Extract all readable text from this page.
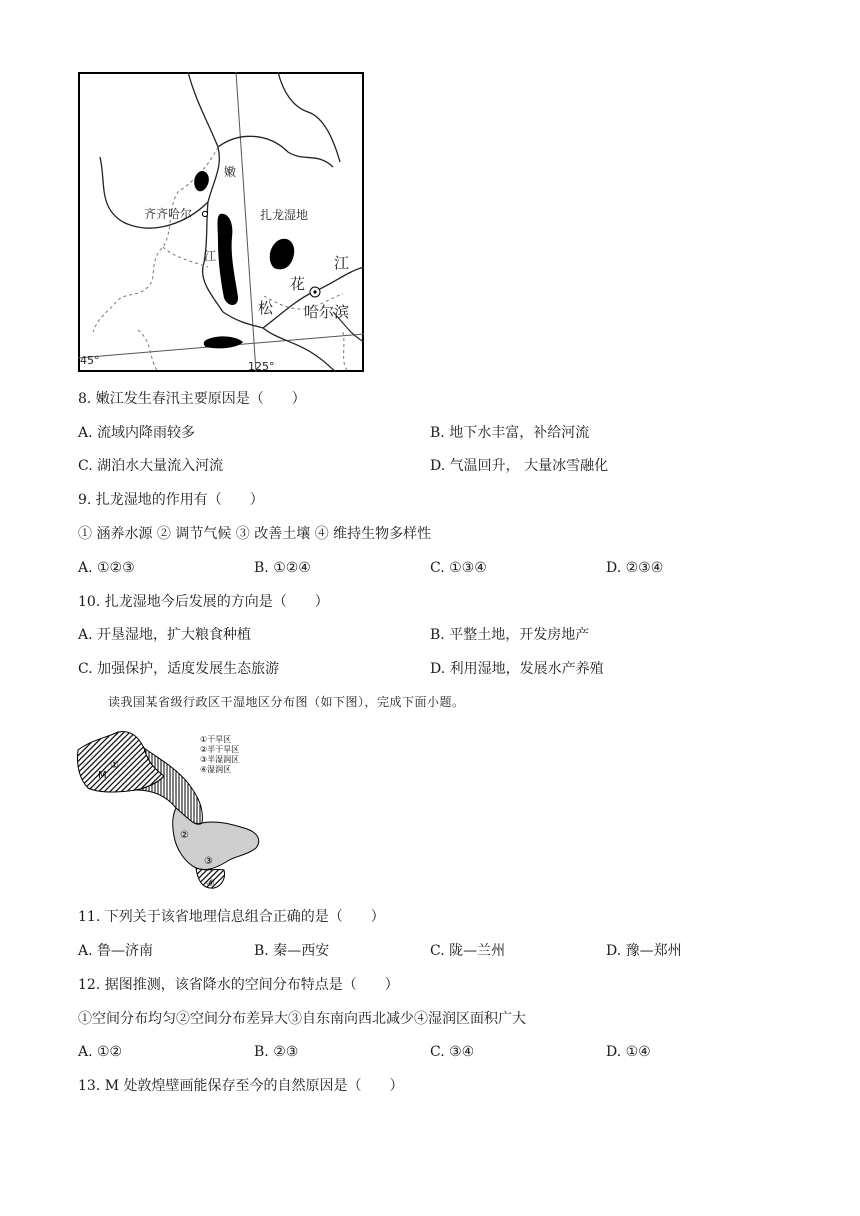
嫩
齐齐哈尔	扎龙湿地
江	江
花
松 哈尔滨
45°	125°
8. 嫩江发生春汛主要原因是（　　）
A. 流域内降雨较多	B. 地下水丰富，补给河流
C. 湖泊水大量流入河流	D. 气温回升， 大量冰雪融化
9. 扎龙湿地的作用有（　　）
① 涵养水源 ② 调节气候 ③ 改善土壤 ④ 维持生物多样性
A. ①②③	B. ①②④	C. ①③④	D. ②③④
10. 扎龙湿地今后发展的方向是（　　）
A. 开垦湿地，扩大粮食种植	B. 平整土地，开发房地产
C. 加强保护，适度发展生态旅游	D. 利用湿地，发展水产养殖
读我国某省级行政区干湿地区分布图（如下图），完成下面小题。
M
①
②
③
④
①干旱区
②半干旱区
③半湿润区
④湿润区
11. 下列关于该省地理信息组合正确的是（　　）
A. 鲁—济南	B. 秦—西安	C. 陇—兰州	D. 豫—郑州
12. 据图推测，该省降水的空间分布特点是（　　）
①空间分布均匀②空间分布差异大③自东南向西北减少④湿润区面积广大
A. ①②	B. ②③	C. ③④	D. ①④
13. M 处敦煌壁画能保存至今的自然原因是（　　）
